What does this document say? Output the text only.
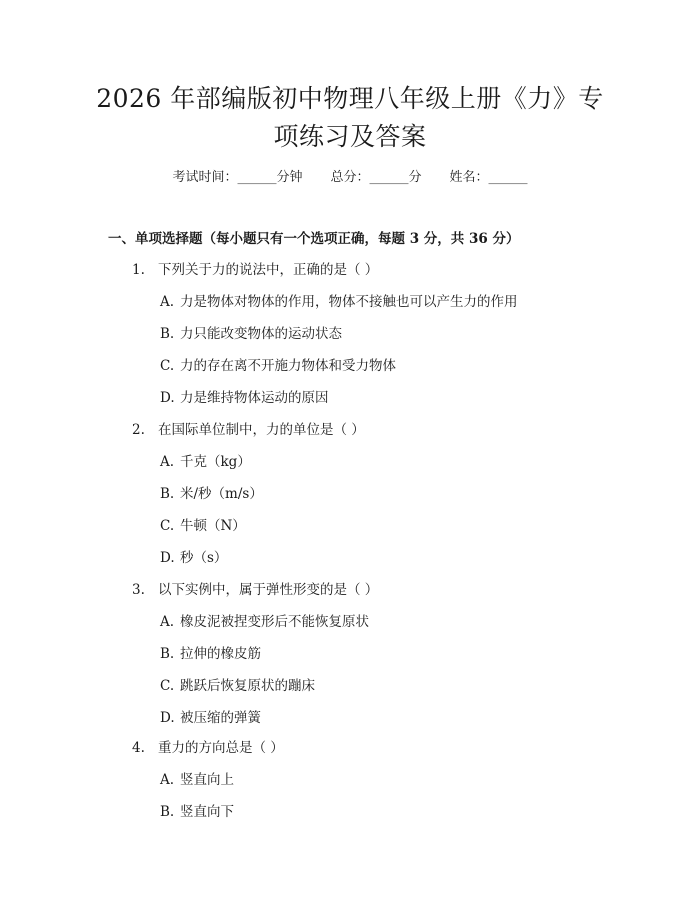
2026 年部编版初中物理八年级上册《力》专
项练习及答案
考试时间：______分钟 总分：______分 姓名：______
一、单项选择题（每小题只有一个选项正确，每题 3 分，共 36 分）
1. 下列关于力的说法中，正确的是（ ）
A. 力是物体对物体的作用，物体不接触也可以产生力的作用
B. 力只能改变物体的运动状态
C. 力的存在离不开施力物体和受力物体
D. 力是维持物体运动的原因
2. 在国际单位制中，力的单位是（ ）
A. 千克（kg）
B. 米/秒（m/s）
C. 牛顿（N）
D. 秒（s）
3. 以下实例中，属于弹性形变的是（ ）
A. 橡皮泥被捏变形后不能恢复原状
B. 拉伸的橡皮筋
C. 跳跃后恢复原状的蹦床
D. 被压缩的弹簧
4. 重力的方向总是（ ）
A. 竖直向上
B. 竖直向下
